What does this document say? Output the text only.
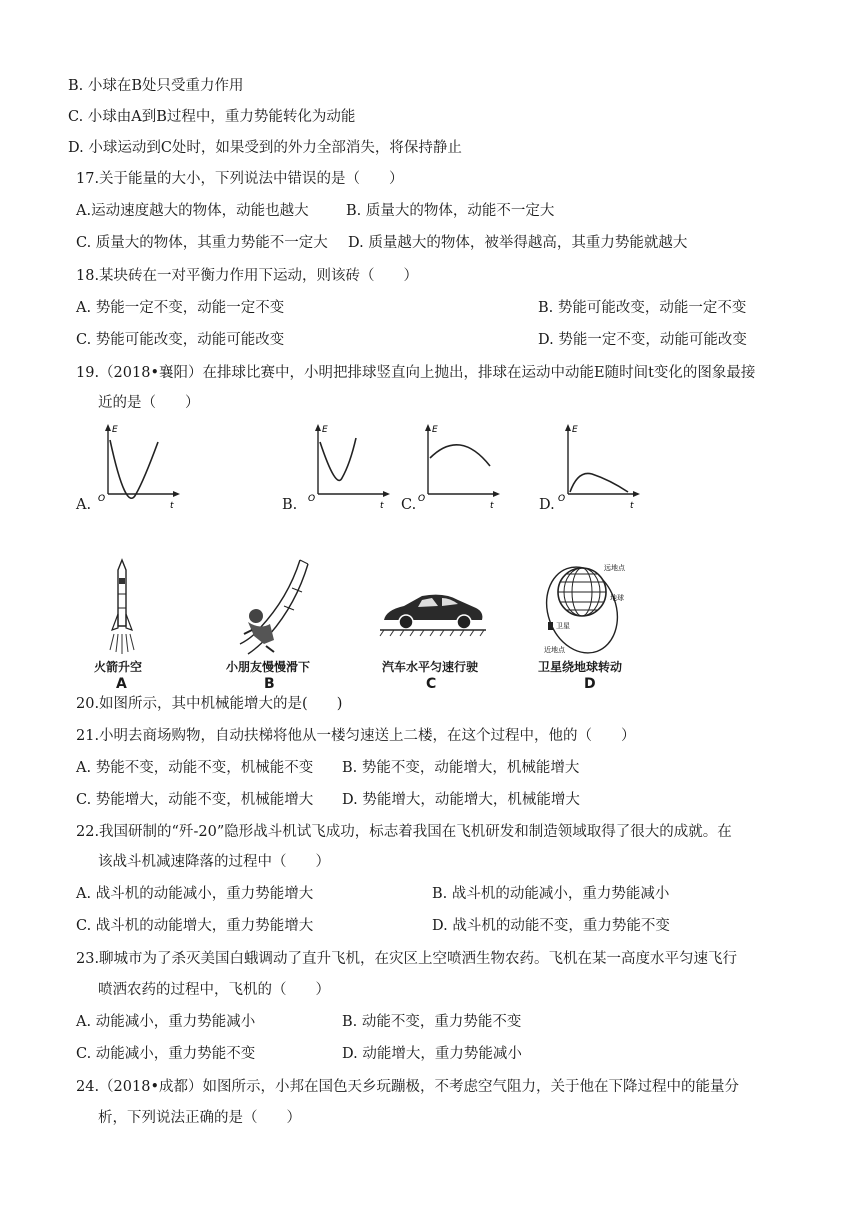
B. 小球在B处只受重力作用
C. 小球由A到B过程中，重力势能转化为动能
D. 小球运动到C处时，如果受到的外力全部消失，将保持静止
17.关于能量的大小，下列说法中错误的是（　　）
A.运动速度越大的物体，动能也越大	B. 质量大的物体，动能不一定大
C. 质量大的物体，其重力势能不一定大 D. 质量越大的物体，被举得越高，其重力势能就越大
18.某块砖在一对平衡力作用下运动，则该砖（　　）
A. 势能一定不变，动能一定不变	B. 势能可能改变，动能一定不变
C. 势能可能改变，动能可能改变	D. 势能一定不变，动能可能改变
19.（2018•襄阳）在排球比赛中，小明把排球竖直向上抛出，排球在运动中动能E随时间t变化的图象最接
近的是（　　）
E
O
t
E
O
t
E
O
t
E
O
t
A.	B.	C.	D.
远地点
地球
卫星
近地点
火箭升空	小朋友慢慢滑下	汽车水平匀速行驶	卫星绕地球转动
A	B	C	D
20.如图所示，其中机械能增大的是(　　)
21.小明去商场购物，自动扶梯将他从一楼匀速送上二楼，在这个过程中，他的（　　）
A. 势能不变，动能不变，机械能不变 B. 势能不变，动能增大，机械能增大
C. 势能增大，动能不变，机械能增大 D. 势能增大，动能增大，机械能增大
22.我国研制的“歼-20”隐形战斗机试飞成功，标志着我国在飞机研发和制造领域取得了很大的成就。在
该战斗机减速降落的过程中（　　）
A. 战斗机的动能减小，重力势能增大	B. 战斗机的动能减小，重力势能减小
C. 战斗机的动能增大，重力势能增大	D. 战斗机的动能不变，重力势能不变
23.聊城市为了杀灭美国白蛾调动了直升飞机，在灾区上空喷洒生物农药。飞机在某一高度水平匀速飞行
喷洒农药的过程中，飞机的（　　）
A. 动能减小，重力势能减小	B. 动能不变，重力势能不变
C. 动能减小，重力势能不变	D. 动能增大，重力势能减小
24.（2018•成都）如图所示，小邦在国色天乡玩蹦极，不考虑空气阻力，关于他在下降过程中的能量分
析，下列说法正确的是（　　）
